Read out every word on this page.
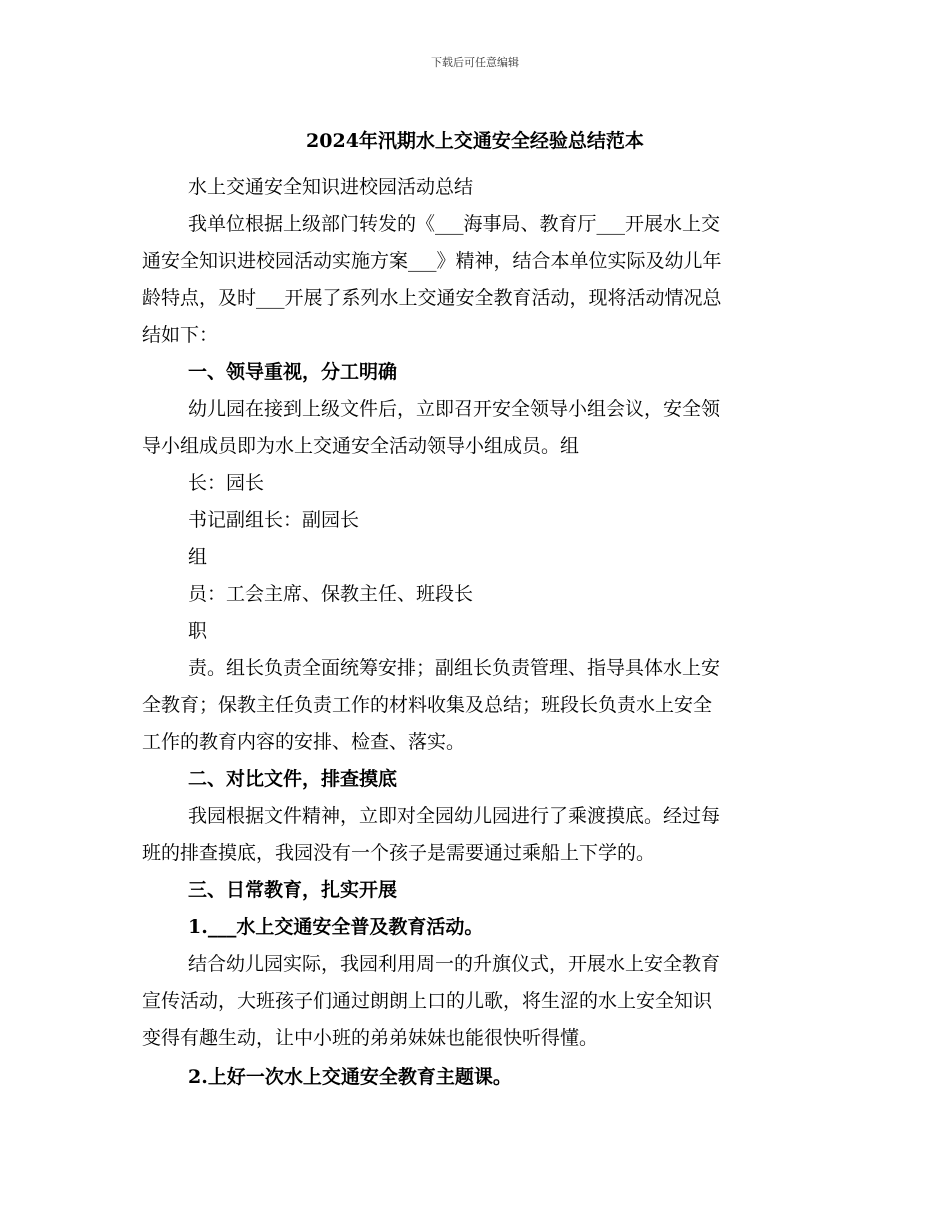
下载后可任意编辑
2024年汛期水上交通安全经验总结范本
水上交通安全知识进校园活动总结
我单位根据上级部门转发的《___海事局、教育厅___开展水上交
通安全知识进校园活动实施方案___》精神，结合本单位实际及幼儿年
龄特点，及时___开展了系列水上交通安全教育活动，现将活动情况总
结如下：
一、领导重视，分工明确
幼儿园在接到上级文件后，立即召开安全领导小组会议，安全领
导小组成员即为水上交通安全活动领导小组成员。组
长：园长
书记副组长：副园长
组
员：工会主席、保教主任、班段长
职
责。组长负责全面统筹安排；副组长负责管理、指导具体水上安
全教育；保教主任负责工作的材料收集及总结；班段长负责水上安全
工作的教育内容的安排、检查、落实。
二、对比文件，排查摸底
我园根据文件精神，立即对全园幼儿园进行了乘渡摸底。经过每
班的排查摸底，我园没有一个孩子是需要通过乘船上下学的。
三、日常教育，扎实开展
1.___水上交通安全普及教育活动。
结合幼儿园实际，我园利用周一的升旗仪式，开展水上安全教育
宣传活动，大班孩子们通过朗朗上口的儿歌，将生涩的水上安全知识
变得有趣生动，让中小班的弟弟妹妹也能很快听得懂。
2.上好一次水上交通安全教育主题课。
